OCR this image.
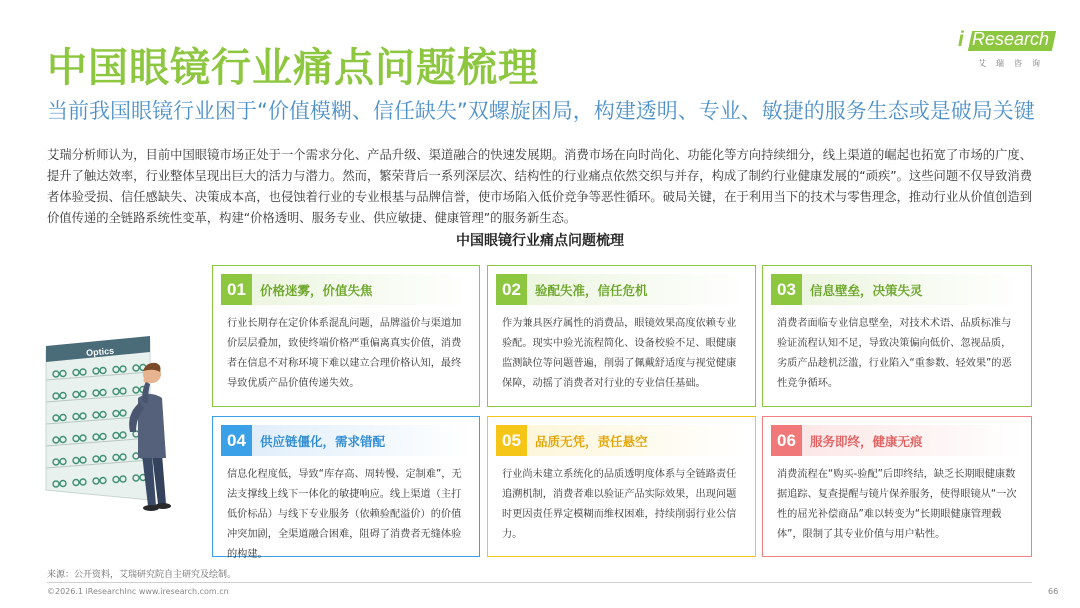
中国眼镜行业痛点问题梳理
当前我国眼镜行业困于“价值模糊、信任缺失”双螺旋困局，构建透明、专业、敏捷的服务生态或是破局关键
i Research
艾瑞咨询
艾瑞分析师认为，目前中国眼镜市场正处于一个需求分化、产品升级、渠道融合的快速发展期。消费市场在向时尚化、功能化等方向持续细分，线上渠道的崛起也拓宽了市场的广度、提升了触达效率，行业整体呈现出巨大的活力与潜力。然而，繁荣背后一系列深层次、结构性的行业痛点依然交织与并存，构成了制约行业健康发展的“顽疾”。这些问题不仅导致消费者体验受损、信任感缺失、决策成本高，也侵蚀着行业的专业根基与品牌信誉，使市场陷入低价竞争等恶性循环。破局关键，在于利用当下的技术与零售理念，推动行业从价值创造到价值传递的全链路系统性变革，构建“价格透明、服务专业、供应敏捷、健康管理”的服务新生态。
中国眼镜行业痛点问题梳理
Optics
01	价格迷雾，价值失焦
行业长期存在定价体系混乱问题，品牌溢价与渠道加价层层叠加，致使终端价格严重偏离真实价值，消费者在信息不对称环境下难以建立合理价格认知，最终导致优质产品价值传递失效。
02	验配失准，信任危机
作为兼具医疗属性的消费品，眼镜效果高度依赖专业验配。现实中验光流程简化、设备校验不足、眼健康监测缺位等问题普遍，削弱了佩戴舒适度与视觉健康保障，动摇了消费者对行业的专业信任基础。
03	信息壁垒，决策失灵
消费者面临专业信息壁垒，对技术术语、品质标准与验证流程认知不足，导致决策偏向低价、忽视品质，劣质产品趁机泛滥，行业陷入“重参数、轻效果”的恶性竞争循环。
04	供应链僵化，需求错配
信息化程度低，导致“库存高、周转慢、定制难”，无法支撑线上线下一体化的敏捷响应。线上渠道（主打低价标品）与线下专业服务（依赖验配溢价）的价值冲突加剧，全渠道融合困难，阻碍了消费者无缝体验的构建。
05	品质无凭，责任悬空
行业尚未建立系统化的品质透明度体系与全链路责任追溯机制，消费者难以验证产品实际效果，出现问题时更因责任界定模糊而维权困难，持续削弱行业公信力。
06	服务即终，健康无痕
消费流程在“购买-验配”后即终结，缺乏长期眼健康数据追踪、复查提醒与镜片保养服务，使得眼镜从“一次性的屈光补偿商品”难以转变为“长期眼健康管理载体”，限制了其专业价值与用户粘性。
来源：公开资料，艾瑞研究院自主研究及绘制。
©2026.1 iResearchInc www.iresearch.com.cn	66
